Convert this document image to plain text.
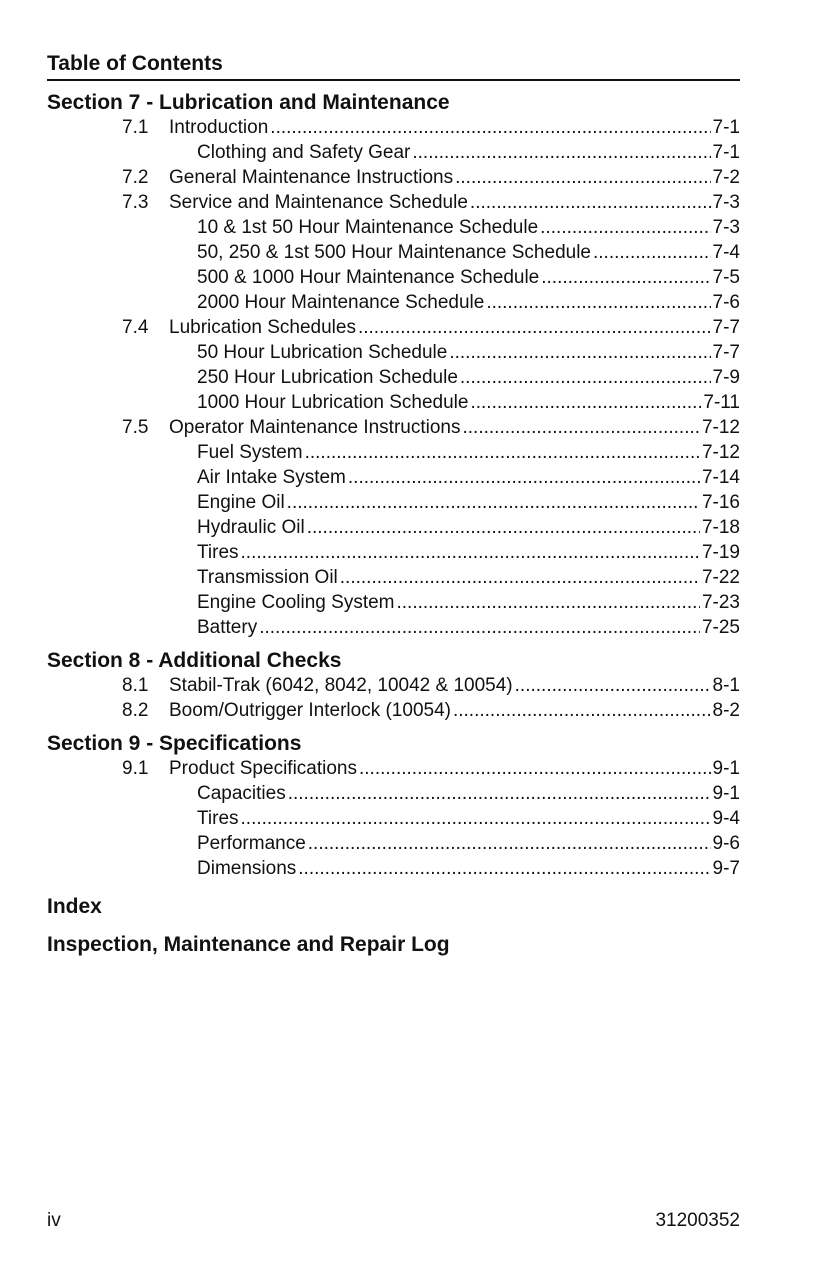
Table of Contents
Section 7 - Lubrication and Maintenance
7.1 Introduction .....	7-1
Clothing and Safety Gear .....	7-1
7.2 General Maintenance Instructions .....	7-2
7.3 Service and Maintenance Schedule .....	7-3
10 & 1st 50 Hour Maintenance Schedule .....	7-3
50, 250 & 1st 500 Hour Maintenance Schedule .....	7-4
500 & 1000 Hour Maintenance Schedule .....	7-5
2000 Hour Maintenance Schedule .....	7-6
7.4 Lubrication Schedules .....	7-7
50 Hour Lubrication Schedule .....	7-7
250 Hour Lubrication Schedule .....	7-9
1000 Hour Lubrication Schedule .....	7-11
7.5 Operator Maintenance Instructions .....	7-12
Fuel System .....	7-12
Air Intake System .....	7-14
Engine Oil .....	7-16
Hydraulic Oil .....	7-18
Tires .....	7-19
Transmission Oil .....	7-22
Engine Cooling System .....	7-23
Battery .....	7-25
Section 8 - Additional Checks
8.1 Stabil-Trak (6042, 8042, 10042 & 10054) .....	8-1
8.2 Boom/Outrigger Interlock (10054) .....	8-2
Section 9 - Specifications
9.1 Product Specifications .....	9-1
Capacities .....	9-1
Tires .....	9-4
Performance .....	9-6
Dimensions .....	9-7
Index
Inspection, Maintenance and Repair Log
iv	31200352
